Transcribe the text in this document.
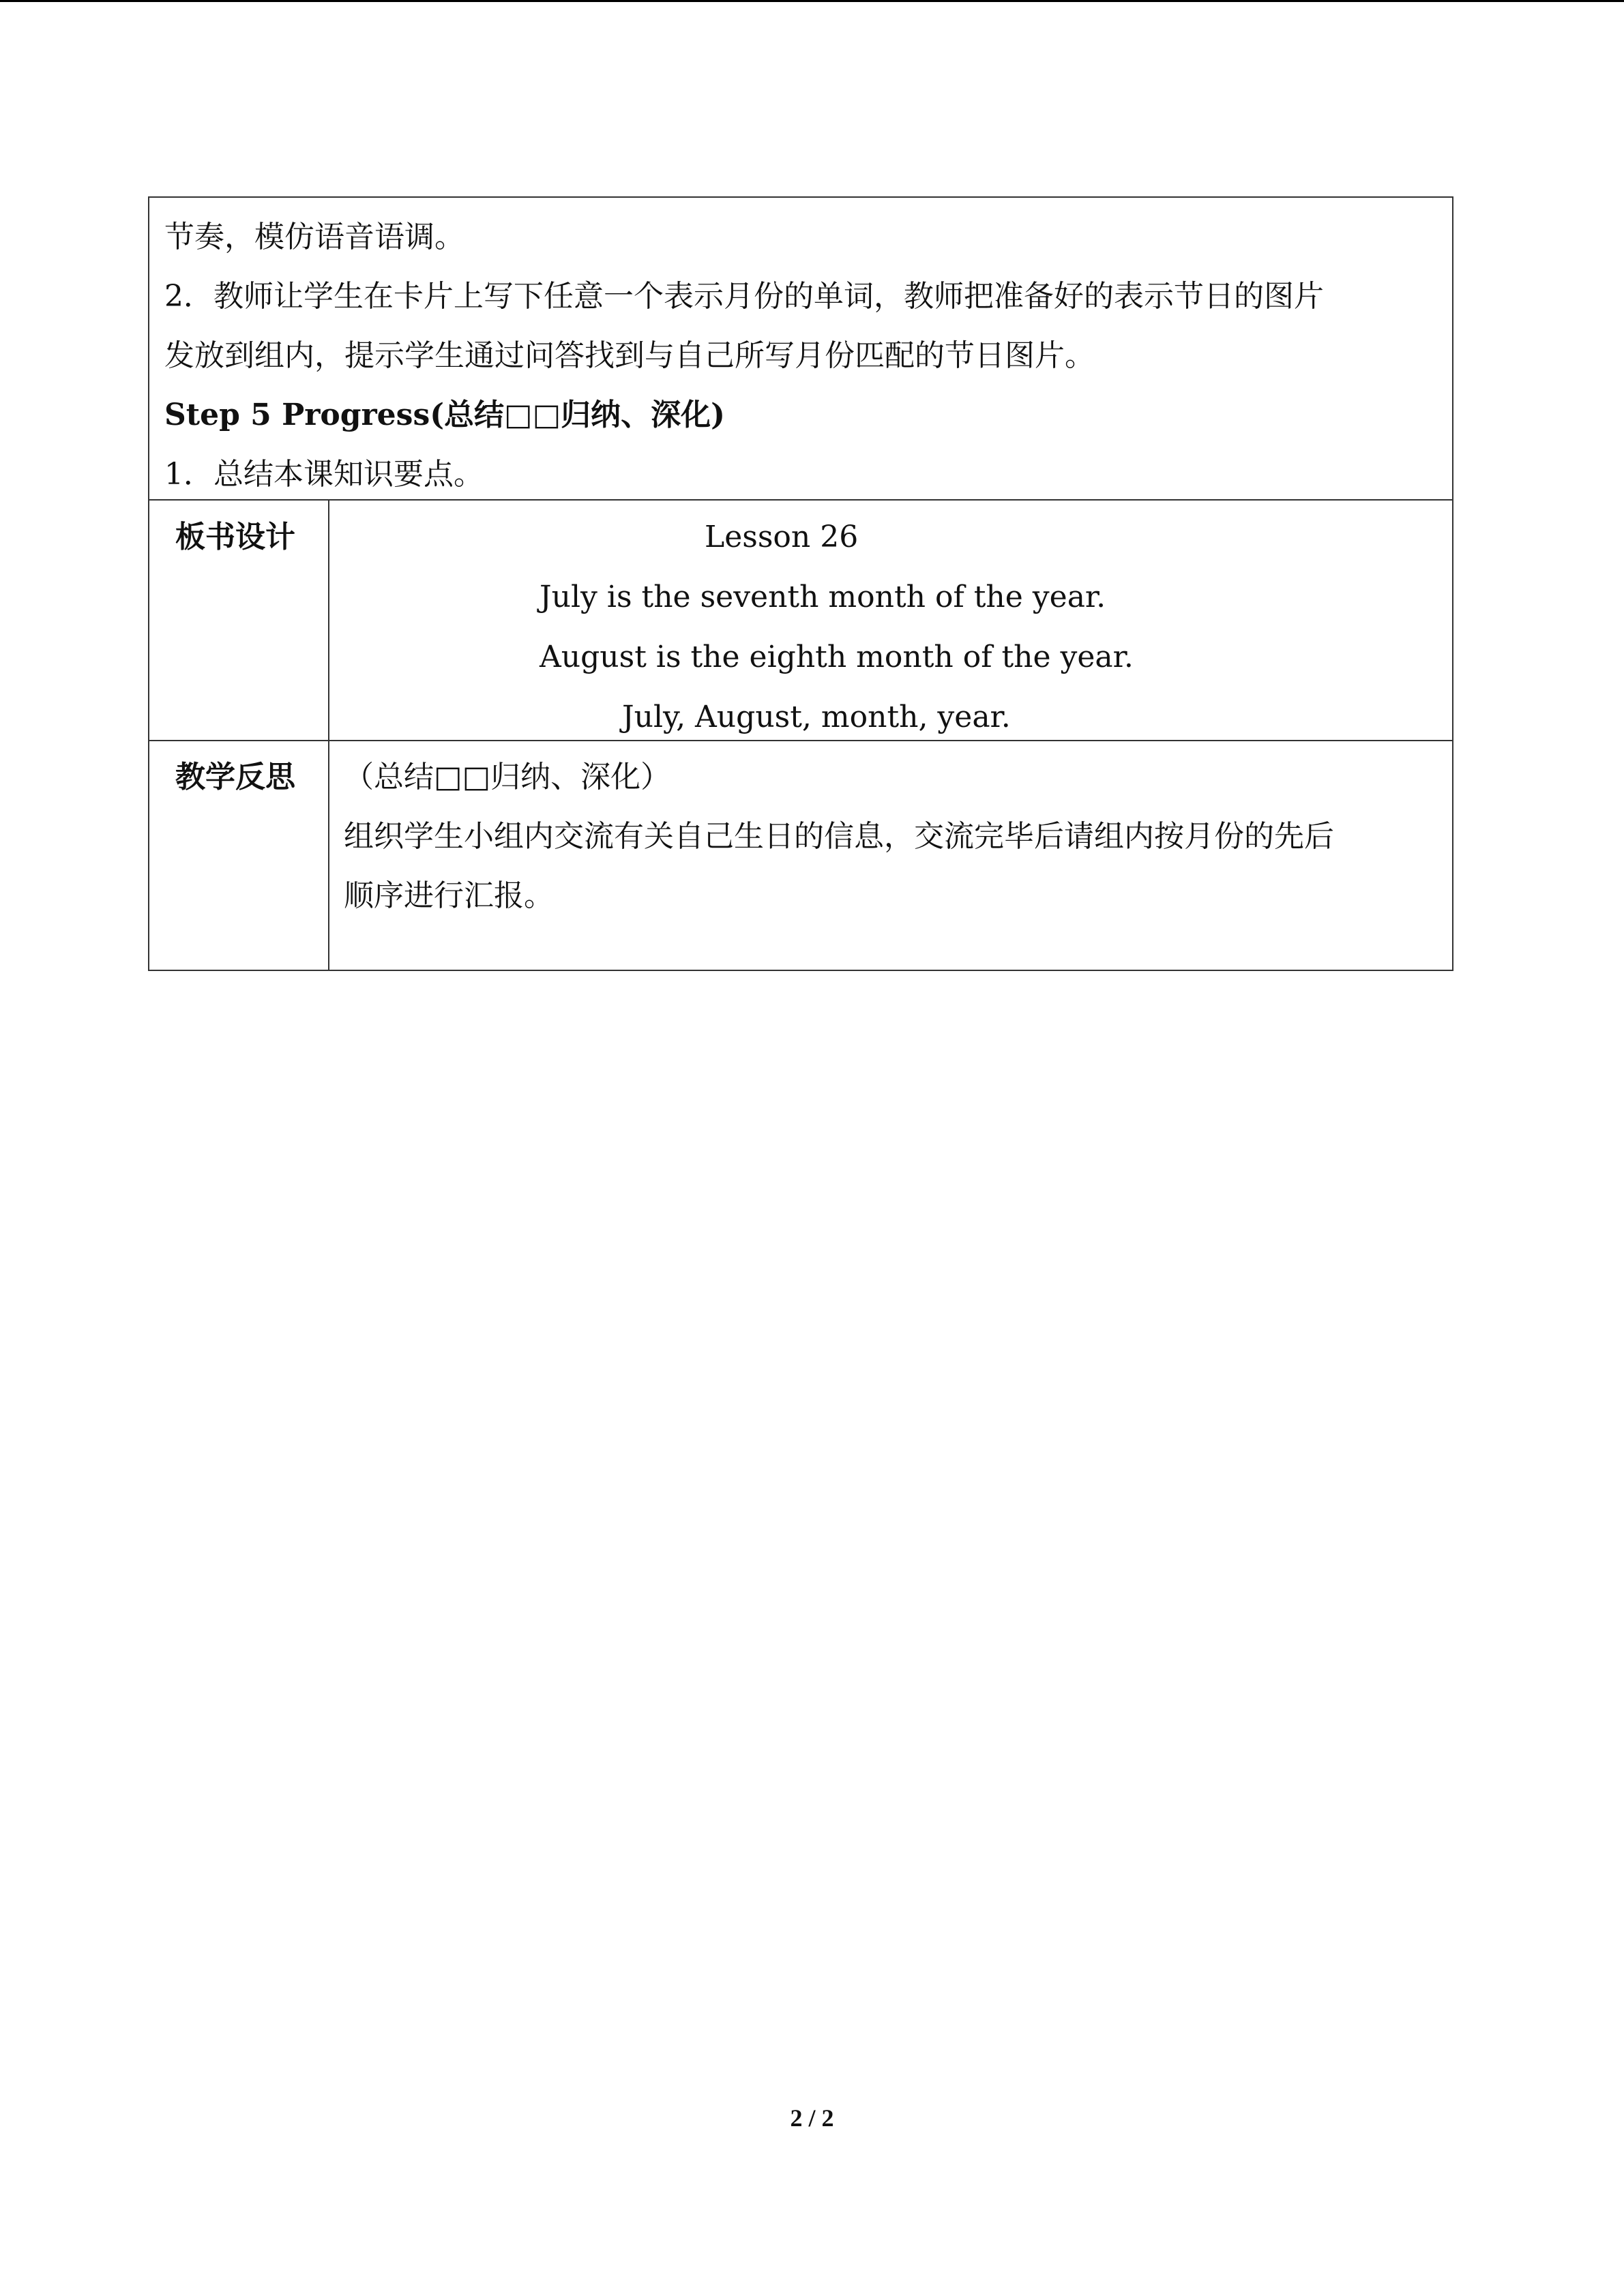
节奏，模仿语音语调。
2．教师让学生在卡片上写下任意一个表示月份的单词，教师把准备好的表示节日的图片
发放到组内，提示学生通过问答找到与自己所写月份匹配的节日图片。
Step 5 Progress(总结□□归纳、深化)
1．总结本课知识要点。
板书设计	Lesson 26
July is the seventh month of the year.
August is the eighth month of the year.
July, August, month, year.
教学反思 （总结□□归纳、深化）
组织学生小组内交流有关自己生日的信息，交流完毕后请组内按月份的先后
顺序进行汇报。
2 / 2
